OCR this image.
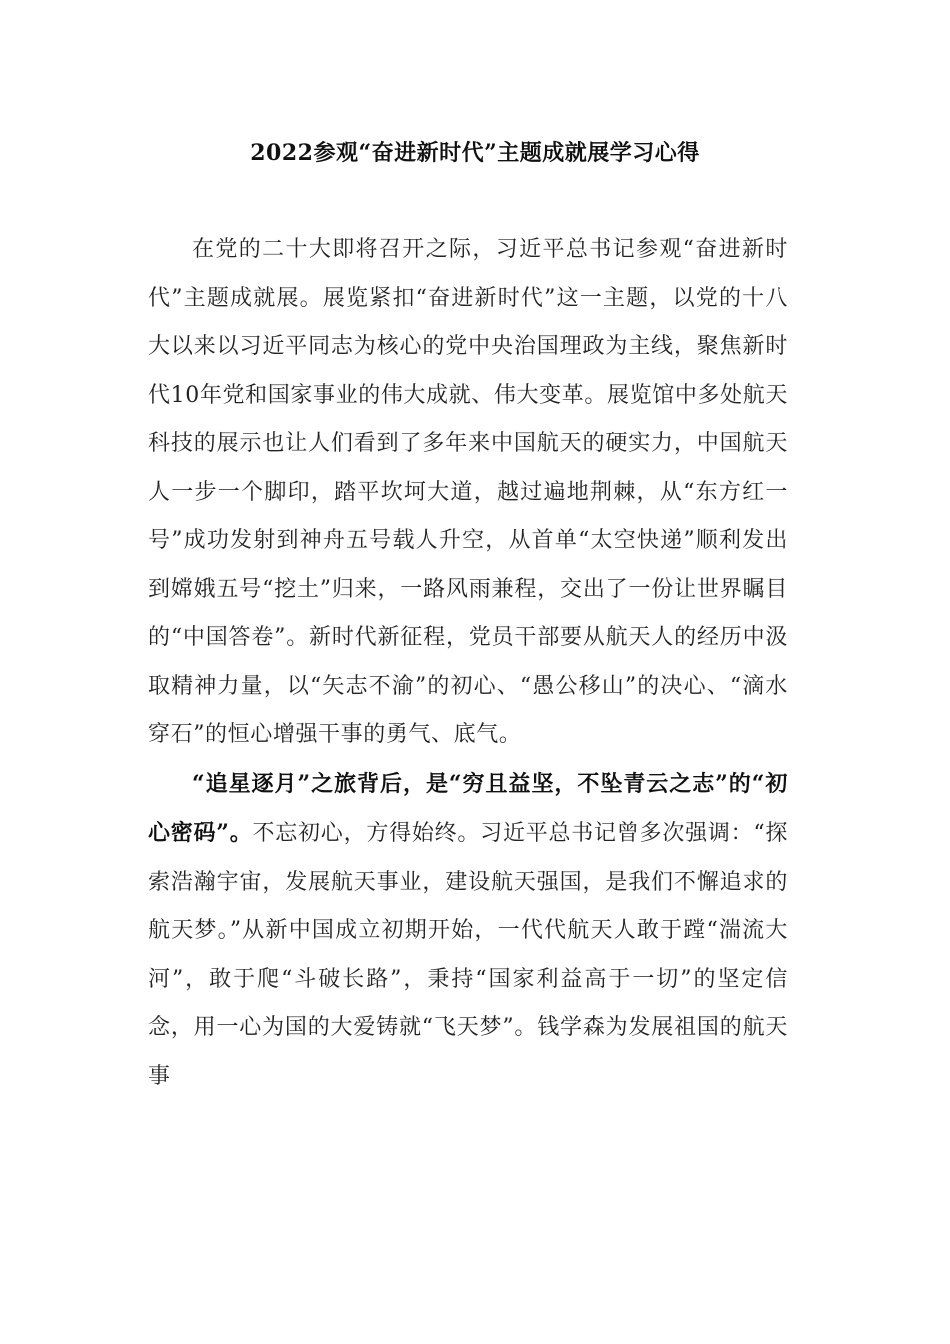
2022参观“奋进新时代”主题成就展学习心得

在党的二十大即将召开之际，习近平总书记参观“奋进新时代”主题成就展。展览紧扣“奋进新时代”这一主题，以党的十八大以来以习近平同志为核心的党中央治国理政为主线，聚焦新时代10年党和国家事业的伟大成就、伟大变革。展览馆中多处航天科技的展示也让人们看到了多年来中国航天的硬实力，中国航天人一步一个脚印，踏平坎坷大道，越过遍地荆棘，从“东方红一号”成功发射到神舟五号载人升空，从首单“太空快递”顺利发出到嫦娥五号“挖土”归来，一路风雨兼程，交出了一份让世界瞩目的“中国答卷”。新时代新征程，党员干部要从航天人的经历中汲取精神力量，以“矢志不渝”的初心、“愚公移山”的决心、“滴水穿石”的恒心增强干事的勇气、底气。

“追星逐月”之旅背后，是“穷且益坚，不坠青云之志”的“初心密码”。不忘初心，方得始终。习近平总书记曾多次强调：“探索浩瀚宇宙，发展航天事业，建设航天强国，是我们不懈追求的航天梦。”从新中国成立初期开始，一代代航天人敢于蹚“湍流大河”，敢于爬“斗破长路”，秉持“国家利益高于一切”的坚定信念，用一心为国的大爱铸就“飞天梦”。钱学森为发展祖国的航天事
